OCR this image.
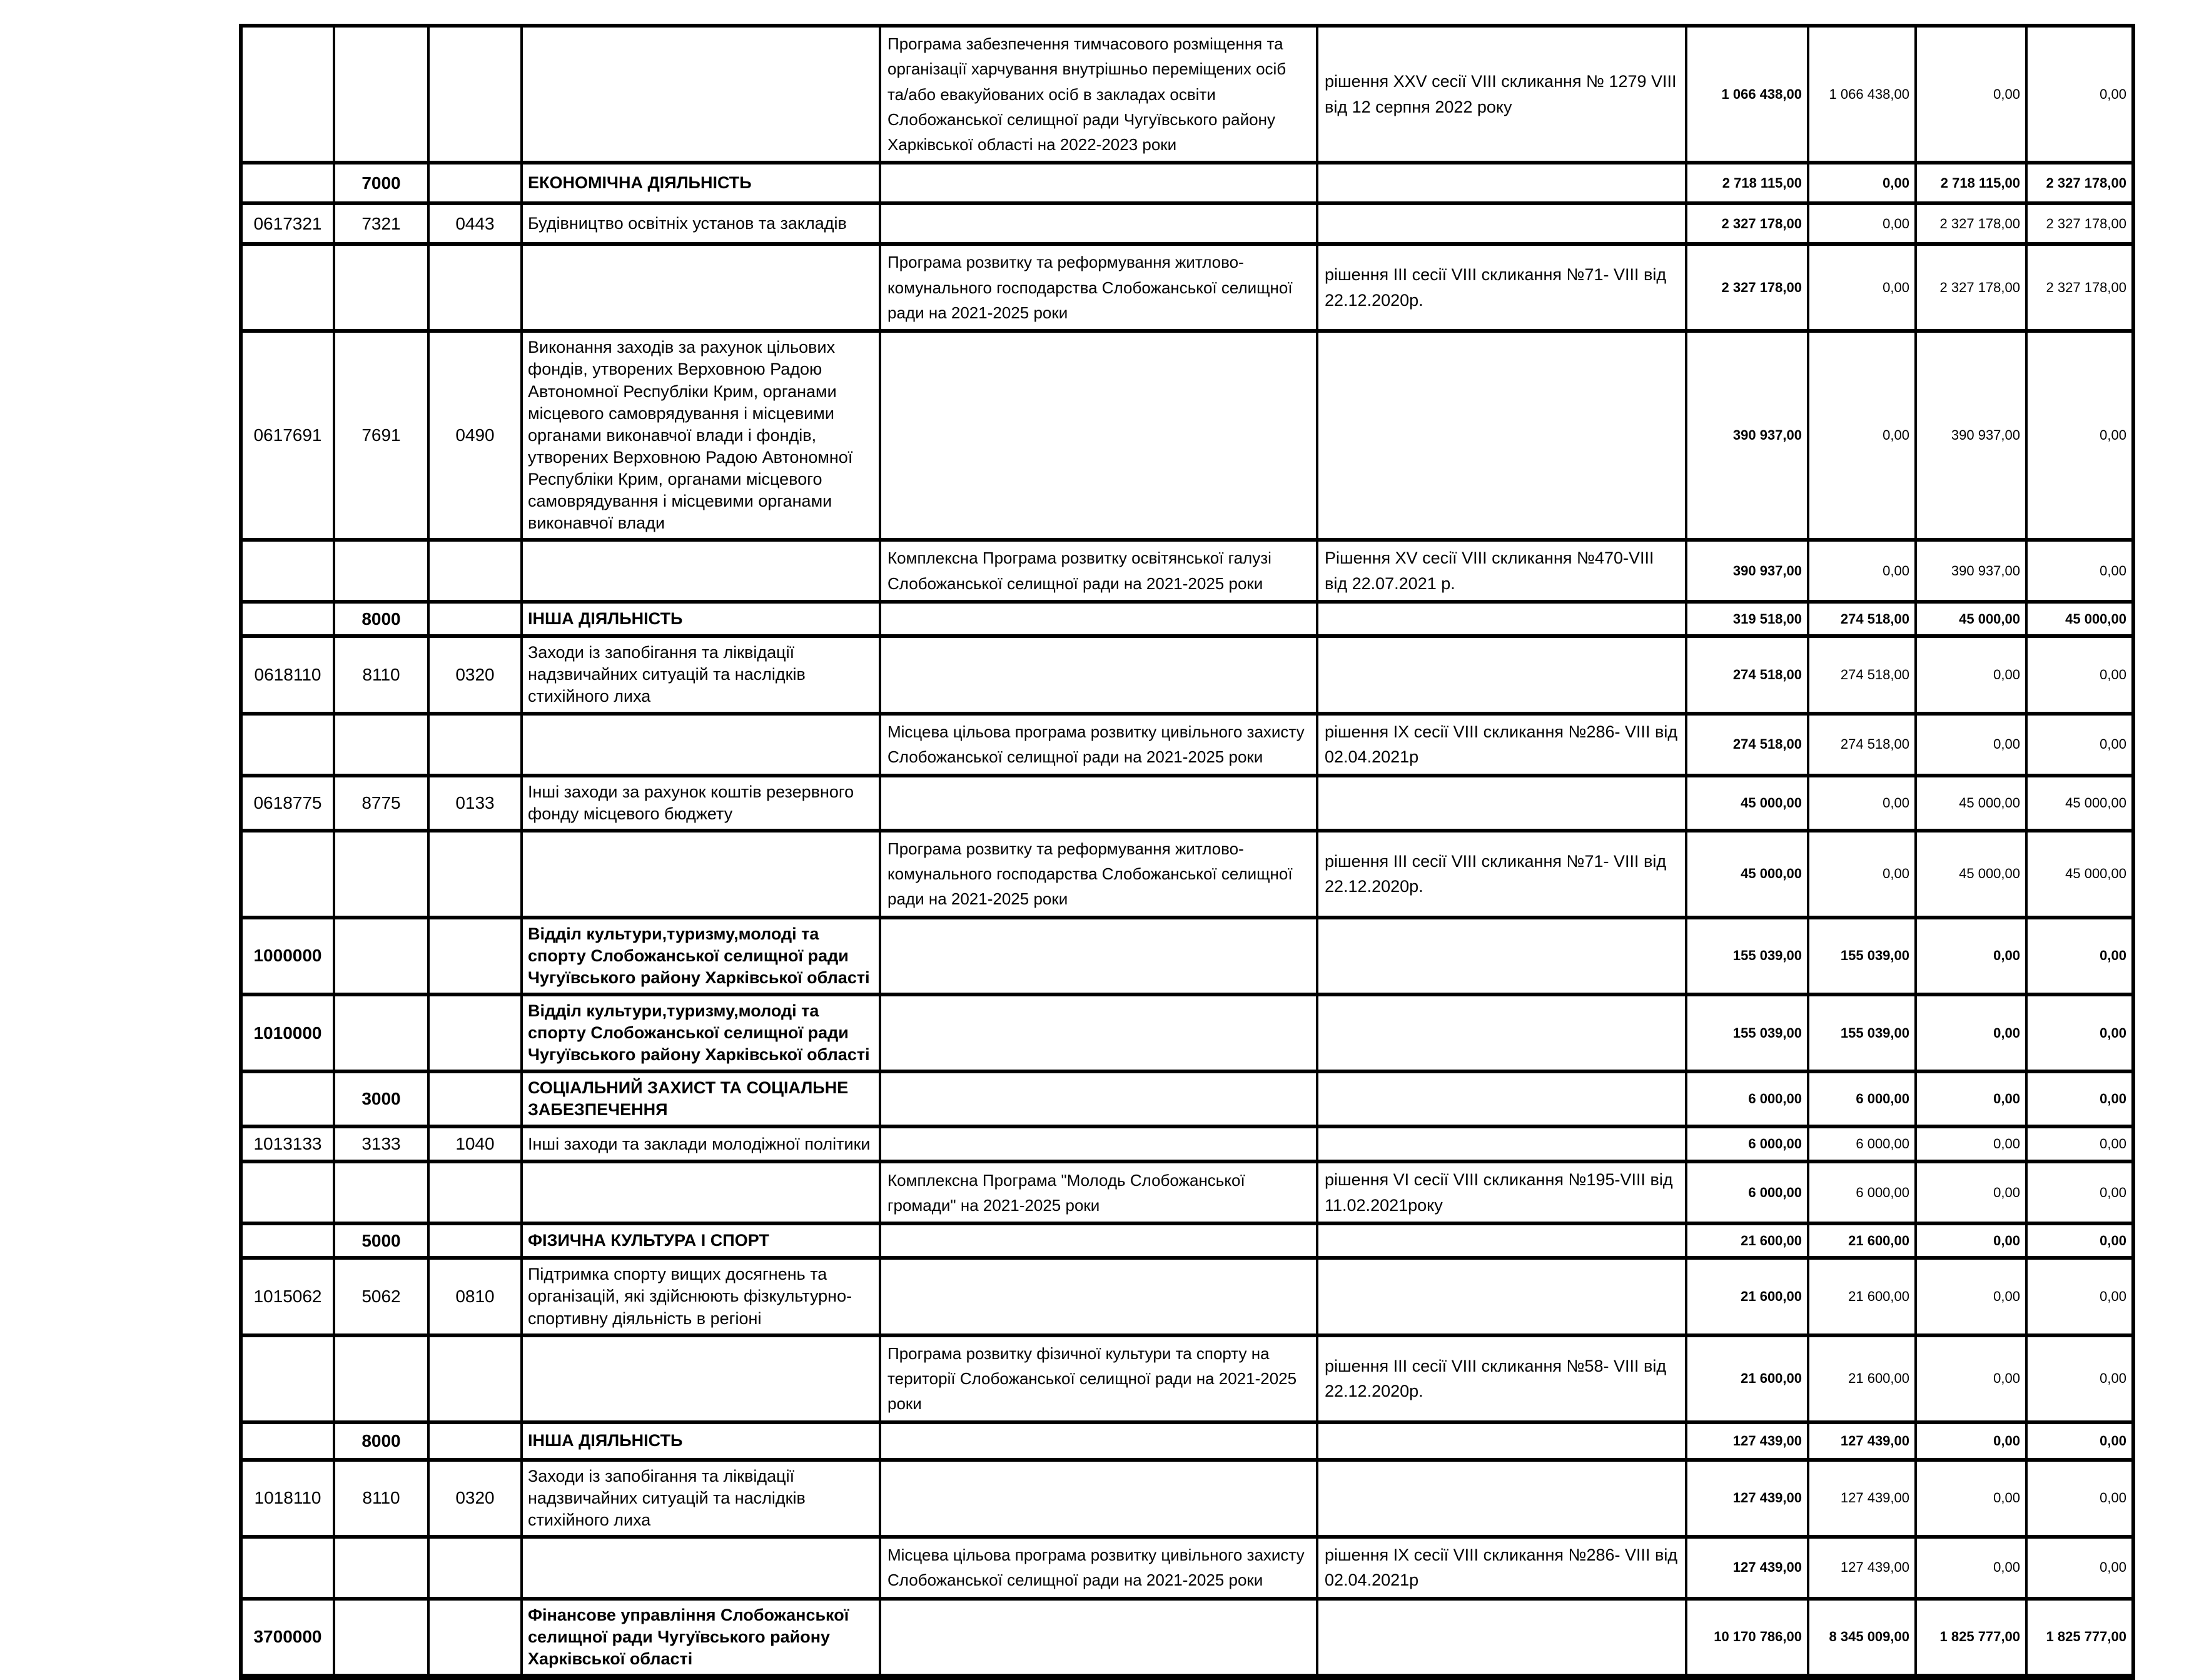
				Програма забезпечення тимчасового розміщення та організації харчування внутрішньо переміщених осіб та/або евакуйованих осіб в закладах освіти Слобожанської селищної ради Чугуївського району Харківської області на 2022-2023 роки	рішення XXV сесії VIII скликання № 1279 VIII від 12 серпня 2022 року	1 066 438,00	1 066 438,00	0,00	0,00
	7000		ЕКОНОМІЧНА ДІЯЛЬНІСТЬ			2 718 115,00	0,00	2 718 115,00	2 327 178,00
0617321	7321	0443	Будівництво освітніх установ та закладів			2 327 178,00	0,00	2 327 178,00	2 327 178,00
				Програма розвитку та реформування житлово-комунального господарства Слобожанської селищної ради на 2021-2025 роки	рішення III сесії VIII скликання №71- VIII від 22.12.2020р.	2 327 178,00	0,00	2 327 178,00	2 327 178,00
0617691	7691	0490	Виконання заходів за рахунок цільових фондів, утворених Верховною Радою Автономної Республіки Крим, органами місцевого самоврядування і місцевими органами виконавчої влади і фондів, утворених Верховною Радою Автономної Республіки Крим, органами місцевого самоврядування і місцевими органами виконавчої влади			390 937,00	0,00	390 937,00	0,00
				Комплексна Програма розвитку освітянської галузі Слобожанської селищної ради на 2021-2025 роки	Рішення XV сесії VIII скликання №470-VIII від 22.07.2021 р.	390 937,00	0,00	390 937,00	0,00
	8000		ІНША ДІЯЛЬНІСТЬ			319 518,00	274 518,00	45 000,00	45 000,00
0618110	8110	0320	Заходи із запобігання та ліквідації надзвичайних ситуацій та наслідків стихійного лиха			274 518,00	274 518,00	0,00	0,00
				Місцева цільова програма розвитку цивільного захисту Слобожанської селищної ради на 2021-2025 роки	рішення IX сесії VIII скликання №286- VIII від 02.04.2021р	274 518,00	274 518,00	0,00	0,00
0618775	8775	0133	Інші заходи за рахунок коштів резервного фонду місцевого бюджету			45 000,00	0,00	45 000,00	45 000,00
				Програма розвитку та реформування житлово-комунального господарства Слобожанської селищної ради на 2021-2025 роки	рішення III сесії VIII скликання №71- VIII від 22.12.2020р.	45 000,00	0,00	45 000,00	45 000,00
1000000			Відділ культури,туризму,молоді та спорту Слобожанської селищної ради Чугуївського району Харківської області			155 039,00	155 039,00	0,00	0,00
1010000			Відділ культури,туризму,молоді та спорту Слобожанської селищної ради Чугуївського району Харківської області			155 039,00	155 039,00	0,00	0,00
	3000		СОЦІАЛЬНИЙ ЗАХИСТ ТА СОЦІАЛЬНЕ ЗАБЕЗПЕЧЕННЯ			6 000,00	6 000,00	0,00	0,00
1013133	3133	1040	Інші заходи та заклади молодіжної політики			6 000,00	6 000,00	0,00	0,00
				Комплексна Програма "Молодь Слобожанської громади" на 2021-2025 роки	рішення VI сесії VIII скликання №195-VIII від 11.02.2021року	6 000,00	6 000,00	0,00	0,00
	5000		ФІЗИЧНА КУЛЬТУРА І СПОРТ			21 600,00	21 600,00	0,00	0,00
1015062	5062	0810	Підтримка спорту вищих досягнень та організацій, які здійснюють фізкультурно-спортивну діяльність в регіоні			21 600,00	21 600,00	0,00	0,00
				Програма розвитку фізичної культури та спорту на території Слобожанської селищної ради на 2021-2025 роки	рішення III сесії VIII скликання №58- VIII від 22.12.2020р.	21 600,00	21 600,00	0,00	0,00
	8000		ІНША ДІЯЛЬНІСТЬ			127 439,00	127 439,00	0,00	0,00
1018110	8110	0320	Заходи із запобігання та ліквідації надзвичайних ситуацій та наслідків стихійного лиха			127 439,00	127 439,00	0,00	0,00
				Місцева цільова програма розвитку цивільного захисту Слобожанської селищної ради на 2021-2025 роки	рішення IX сесії VIII скликання №286- VIII від 02.04.2021р	127 439,00	127 439,00	0,00	0,00
3700000			Фінансове управління Слобожанської селищної ради Чугуївського району Харківської області			10 170 786,00	8 345 009,00	1 825 777,00	1 825 777,00
